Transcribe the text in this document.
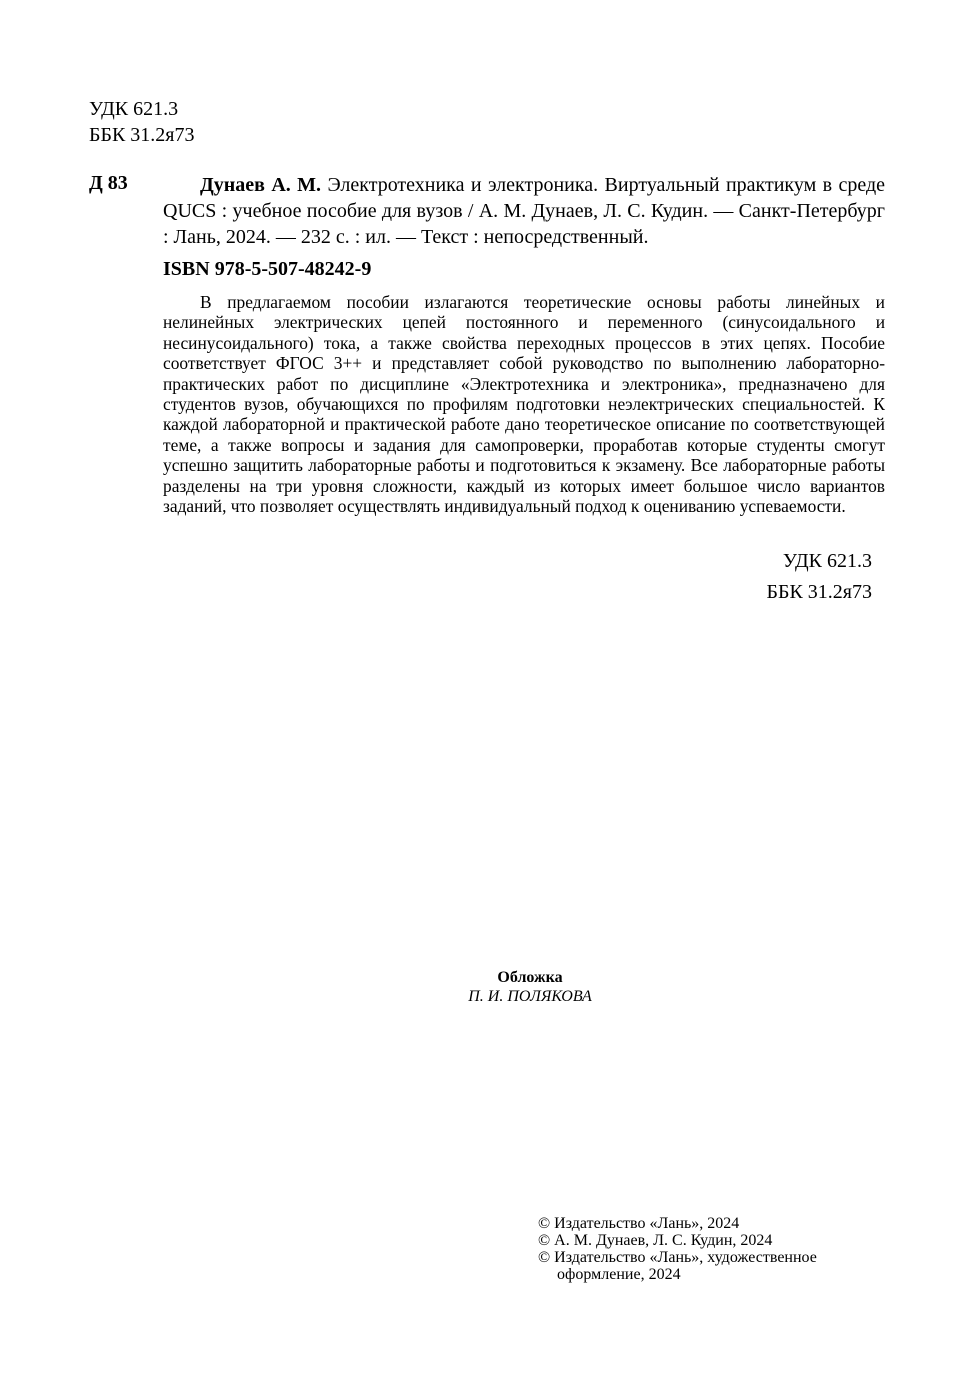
УДК 621.3
ББК 31.2я73
Д 83	Дунаев А. М. Электротехника и электроника. Виртуальный практикум в среде QUCS : учебное пособие для вузов / А. М. Дунаев, Л. С. Кудин. — Санкт-Петербург : Лань, 2024. — 232 с. : ил. — Текст : непосредственный.
ISBN 978-5-507-48242-9
В предлагаемом пособии излагаются теоретические основы работы линейных и нелинейных электрических цепей постоянного и переменного (синусоидального и несинусоидального) тока, а также свойства переходных процессов в этих цепях. Пособие соответствует ФГОС 3++ и представляет собой руководство по выполнению лабораторно-практических работ по дисциплине «Электротехника и электроника», предназначено для студентов вузов, обучающихся по профилям подготовки неэлектрических специальностей. К каждой лабораторной и практической работе дано теоретическое описание по соответствующей теме, а также вопросы и задания для самопроверки, проработав которые студенты смогут успешно защитить лабораторные работы и подготовиться к экзамену. Все лабораторные работы разделены на три уровня сложности, каждый из которых имеет большое число вариантов заданий, что позволяет осуществлять индивидуальный подход к оцениванию успеваемости.
УДК 621.3
ББК 31.2я73
Обложка
П. И. ПОЛЯКОВА
© Издательство «Лань», 2024
© А. М. Дунаев, Л. С. Кудин, 2024
© Издательство «Лань», художественное оформление, 2024
